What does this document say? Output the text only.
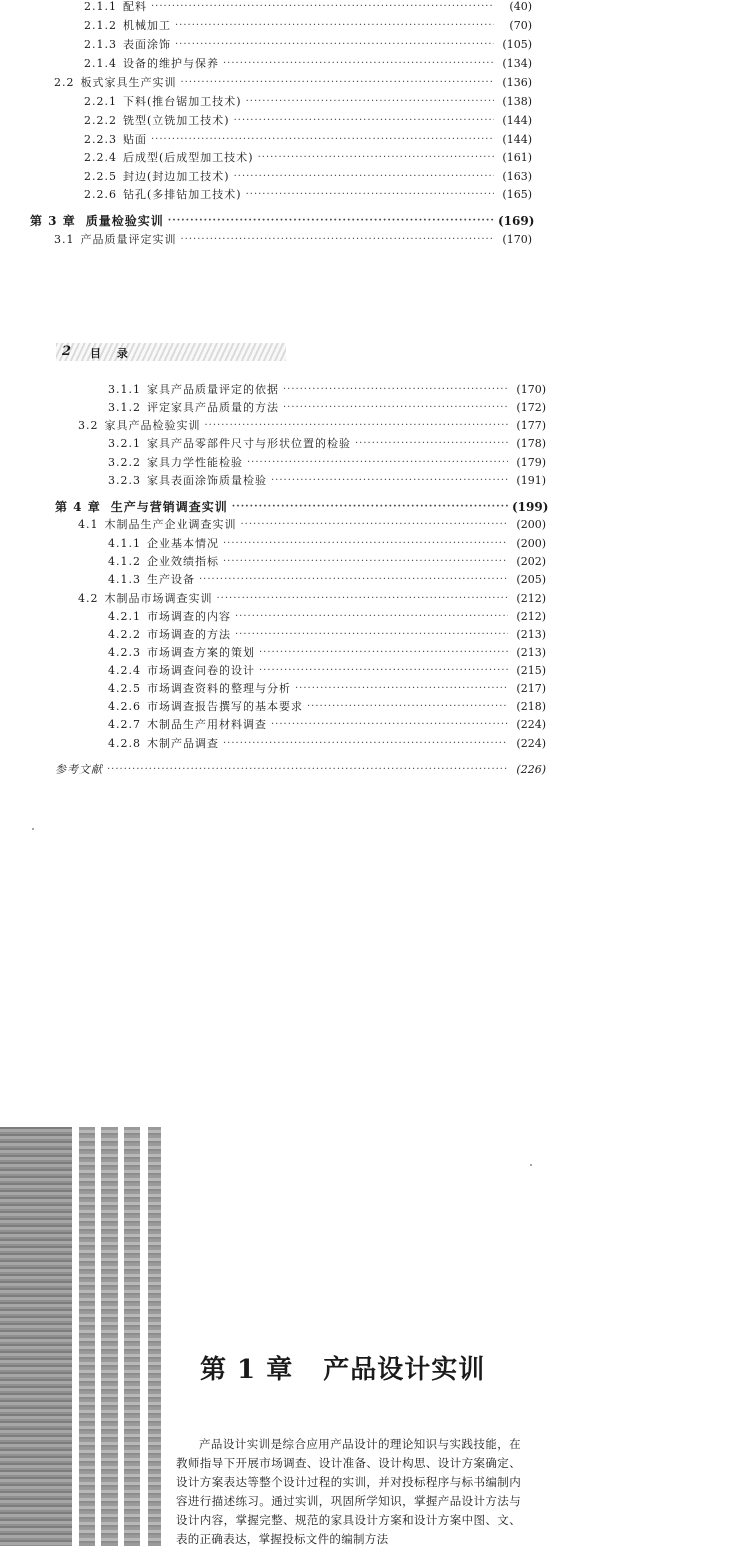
2.1.1 配料 ·····	(40)
2.1.2 机械加工 ·····	(70)
2.1.3 表面涂饰 ·····	(105)
2.1.4 设备的维护与保养 ·····	(134)
2.2 板式家具生产实训 ·····	(136)
2.2.1 下料(推台锯加工技术) ·····	(138)
2.2.2 铣型(立铣加工技术) ·····	(144)
2.2.3 贴面 ·····	(144)
2.2.4 后成型(后成型加工技术) ·····	(161)
2.2.5 封边(封边加工技术) ·····	(163)
2.2.6 钻孔(多排钻加工技术) ·····	(165)
第 3 章 质量检验实训 ·····	(169)
3.1 产品质量评定实训 ·····	(170)
2 目 录
3.1.1 家具产品质量评定的依据 ·····	(170)
3.1.2 评定家具产品质量的方法 ·····	(172)
3.2 家具产品检验实训 ·····	(177)
3.2.1 家具产品零部件尺寸与形状位置的检验 ·····	(178)
3.2.2 家具力学性能检验 ·····	(179)
3.2.3 家具表面涂饰质量检验 ·····	(191)
第 4 章 生产与营销调查实训 ·····	(199)
4.1 木制品生产企业调查实训 ·····	(200)
4.1.1 企业基本情况 ·····	(200)
4.1.2 企业效绩指标 ·····	(202)
4.1.3 生产设备 ·····	(205)
4.2 木制品市场调查实训 ·····	(212)
4.2.1 市场调查的内容 ·····	(212)
4.2.2 市场调查的方法 ·····	(213)
4.2.3 市场调查方案的策划 ·····	(213)
4.2.4 市场调查问卷的设计 ·····	(215)
4.2.5 市场调查资料的整理与分析 ·····	(217)
4.2.6 市场调查报告撰写的基本要求 ·····	(218)
4.2.7 木制品生产用材料调查 ·····	(224)
4.2.8 木制产品调查 ·····	(224)
参考文献 ·····	(226)
第 1 章 产品设计实训

产品设计实训是综合应用产品设计的理论知识与实践技能，在教师指导下开展市场调查、设计准备、设计构思、设计方案确定、设计方案表达等整个设计过程的实训，并对投标程序与标书编制内容进行描述练习。通过实训，巩固所学知识，掌握产品设计方法与设计内容，掌握完整、规范的家具设计方案和设计方案中图、文、表的正确表达，掌握投标文件的编制方法
